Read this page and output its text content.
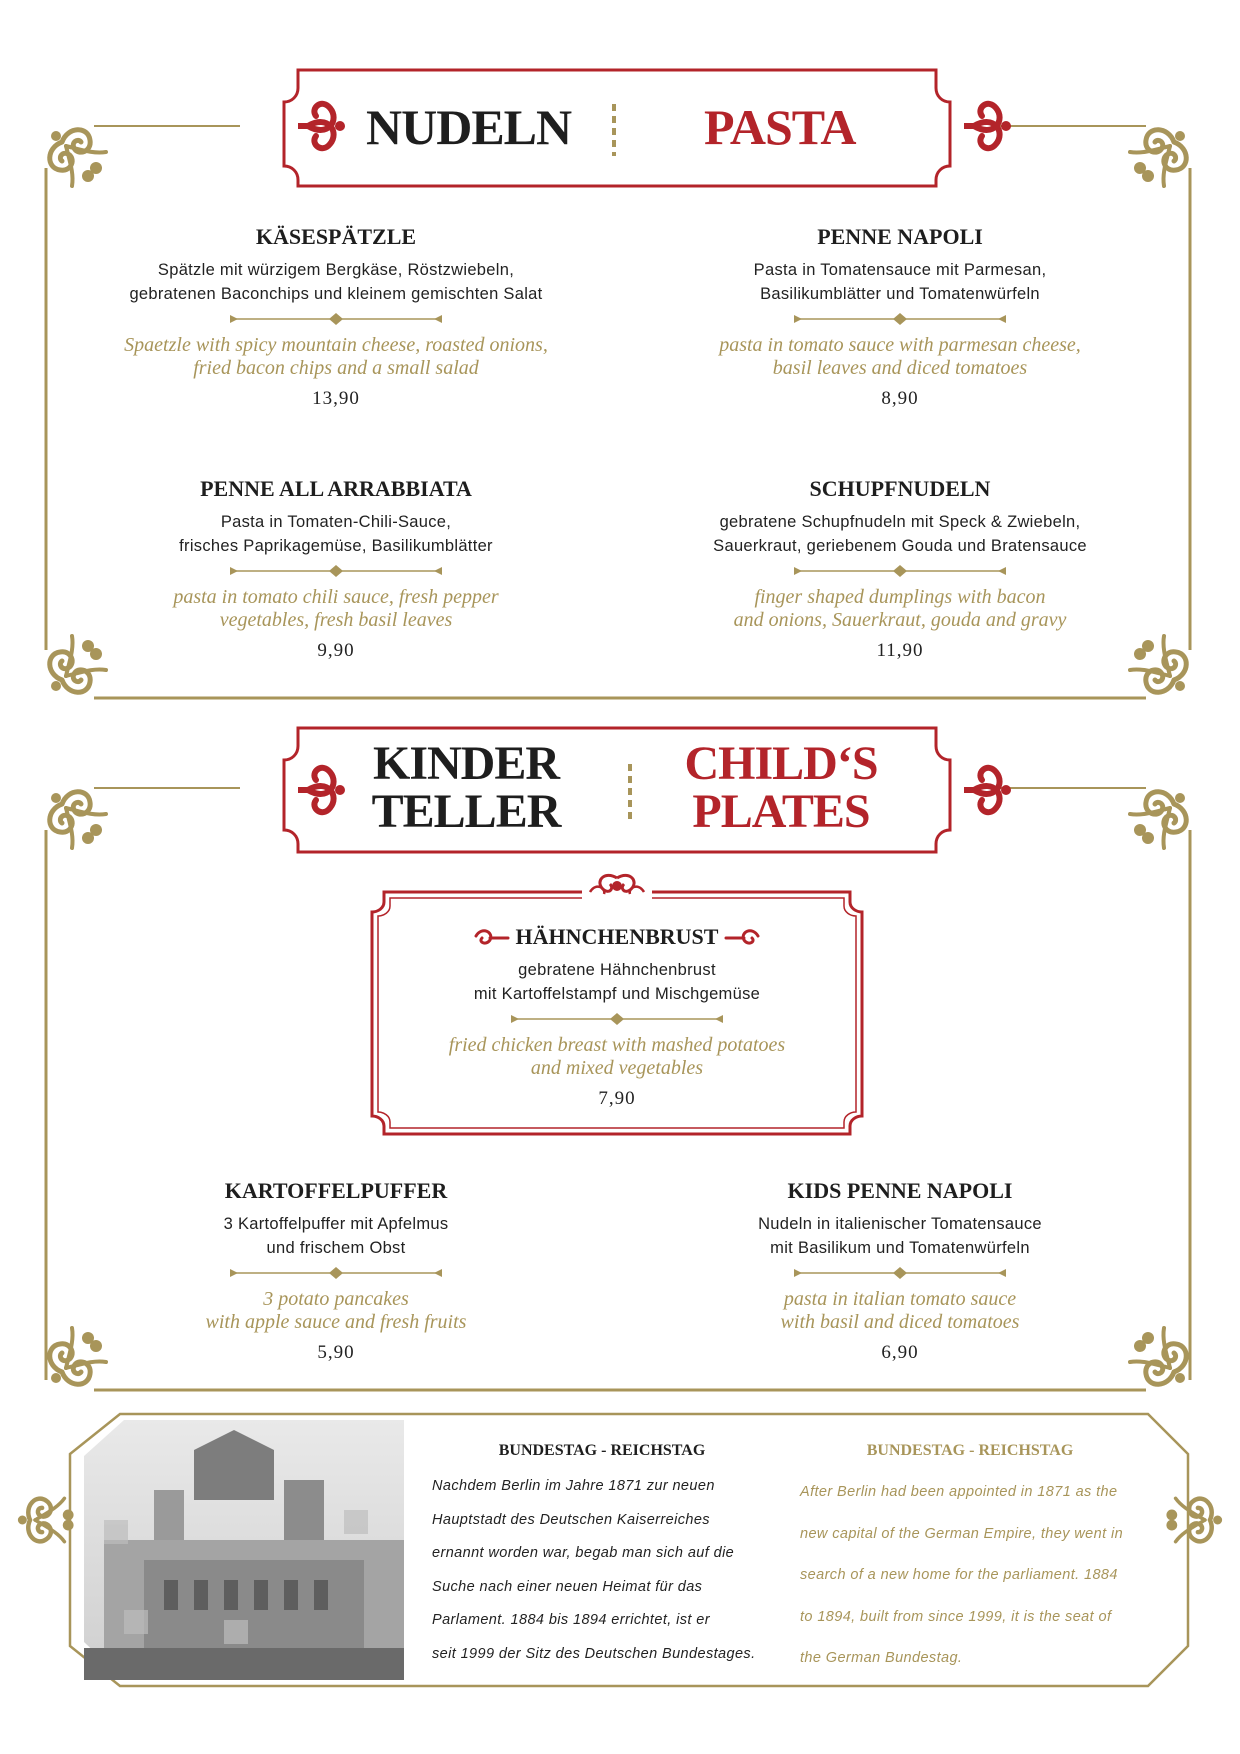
NUDELN	PASTA
KÄSESPÄTZLE
Spätzle mit würzigem Bergkäse, Röstzwiebeln,
gebratenen Baconchips und kleinem gemischten Salat
Spaetzle with spicy mountain cheese, roasted onions,
fried bacon chips and a small salad
13,90
PENNE NAPOLI
Pasta in Tomatensauce mit Parmesan,
Basilikumblätter und Tomatenwürfeln
pasta in tomato sauce with parmesan cheese,
basil leaves and diced tomatoes
8,90
PENNE ALL ARRABBIATA
Pasta in Tomaten-Chili-Sauce,
frisches Paprikagemüse, Basilikumblätter
pasta in tomato chili sauce, fresh pepper
vegetables, fresh basil leaves
9,90
SCHUPFNUDELN
gebratene Schupfnudeln mit Speck & Zwiebeln,
Sauerkraut, geriebenem Gouda und Bratensauce
finger shaped dumplings with bacon
and onions, Sauerkraut, gouda and gravy
11,90
KINDER
TELLER
CHILD‘S
PLATES
HÄHNCHENBRUST
gebratene Hähnchenbrust
mit Kartoffelstampf und Mischgemüse
fried chicken breast with mashed potatoes
and mixed vegetables
7,90
KARTOFFELPUFFER
3 Kartoffelpuffer mit Apfelmus
und frischem Obst
3 potato pancakes
with apple sauce and fresh fruits
5,90
KIDS PENNE NAPOLI
Nudeln in italienischer Tomatensauce
mit Basilikum und Tomatenwürfeln
pasta in italian tomato sauce
with basil and diced tomatoes
6,90
BUNDESTAG - REICHSTAG
Nachdem Berlin im Jahre 1871 zur neuen
Hauptstadt des Deutschen Kaiserreiches
ernannt worden war, begab man sich auf die
Suche nach einer neuen Heimat für das
Parlament. 1884 bis 1894 errichtet, ist er
seit 1999 der Sitz des Deutschen Bundestages.
BUNDESTAG - REICHSTAG
After Berlin had been appointed in 1871 as the
new capital of the German Empire, they went in
search of a new home for the parliament. 1884
to 1894, built from since 1999, it is the seat of
the German Bundestag.
